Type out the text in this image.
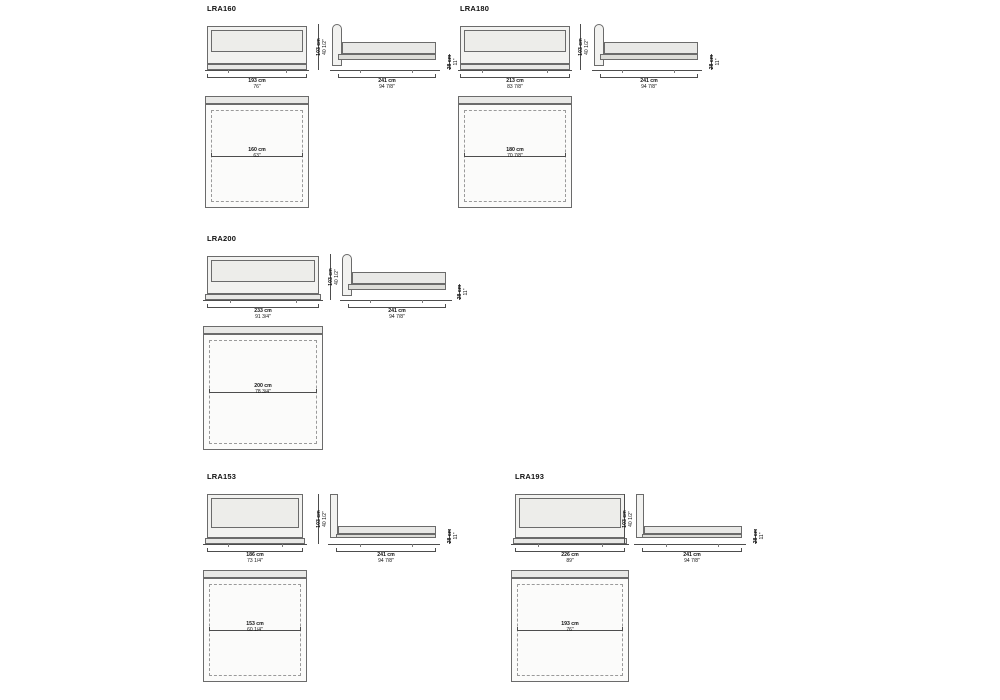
LRA160
193 cm
76"
241 cm
94 7/8"
103 cm 40 1/2"
28 cm 11"
160 cm
63"
LRA180
213 cm
83 7/8"
241 cm
94 7/8"
103 cm 40 1/2"
28 cm 11"
180 cm
70 7/8"
LRA200
233 cm
91 3/4"
241 cm
94 7/8"
103 cm 40 1/2"
28 cm 11"
200 cm
78 3/4"
LRA153
186 cm
73 1/4"
241 cm
94 7/8"
103 cm 40 1/2"
28 cm 11"
153 cm
60 1/4"
LRA193
226 cm
89"
241 cm
94 7/8"
103 cm 40 1/2"
28 cm 11"
193 cm
76"
